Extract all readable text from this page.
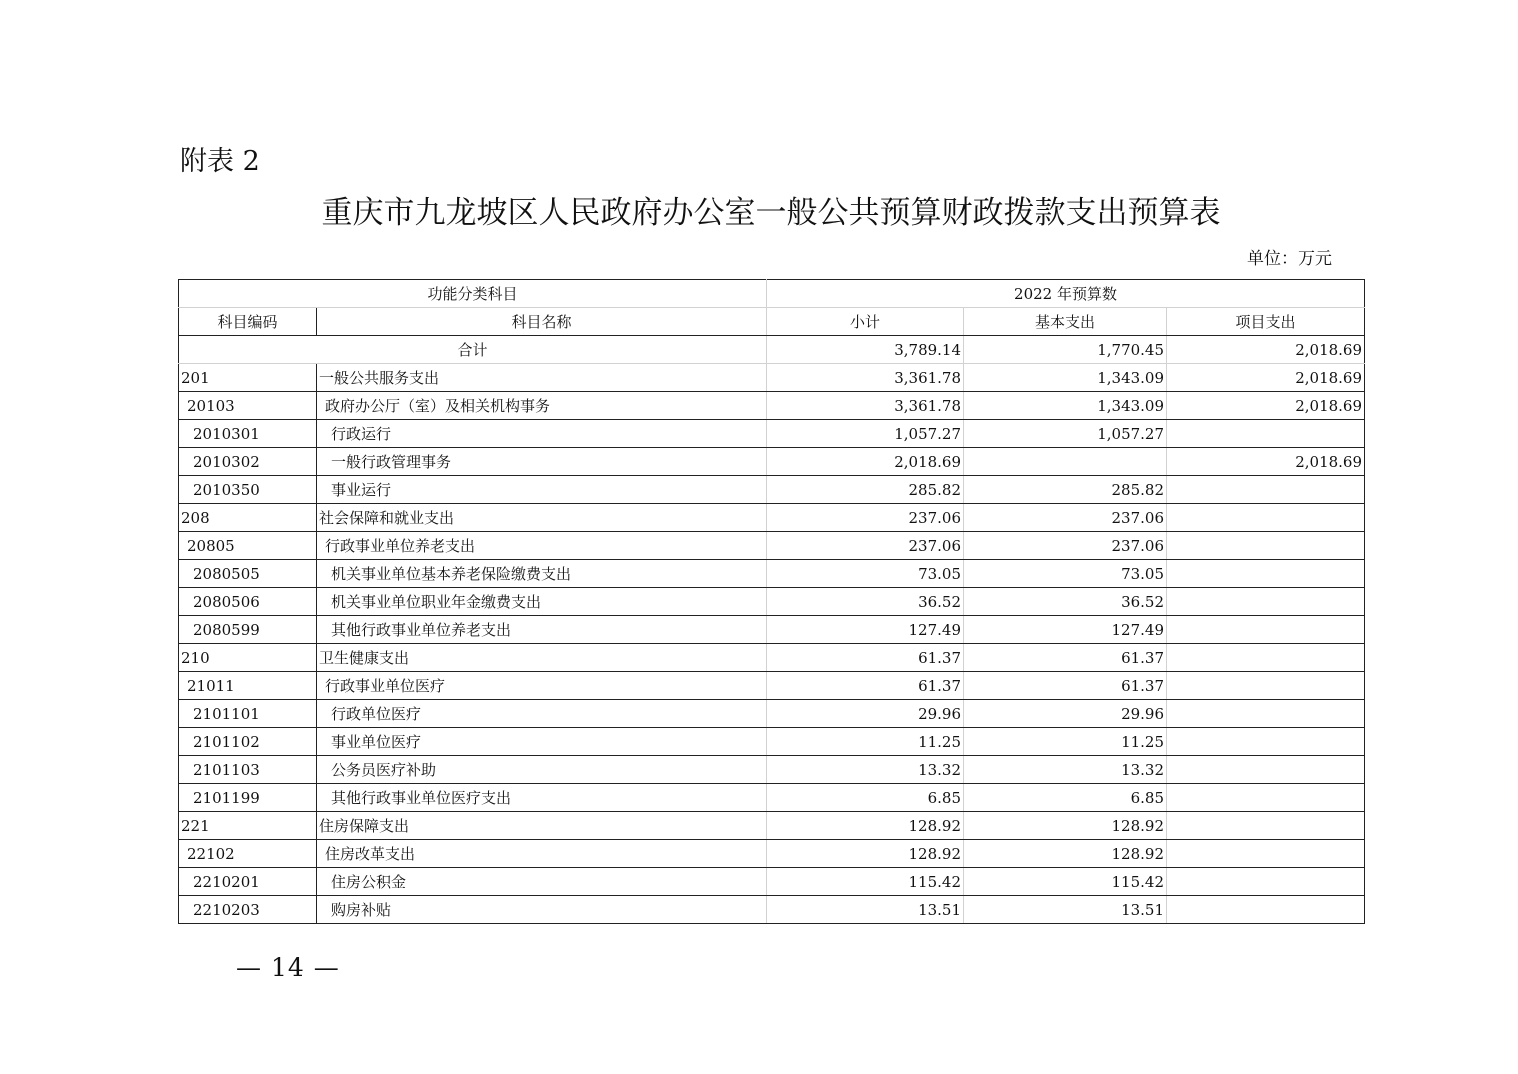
附表 2
重庆市九龙坡区人民政府办公室一般公共预算财政拨款支出预算表
单位：万元
功能分类科目		2022 年预算数		
科目编码	科目名称	小计	基本支出	项目支出
合计		3,789.14	1,770.45	2,018.69
201	一般公共服务支出	3,361.78	1,343.09	2,018.69
20103	政府办公厅（室）及相关机构事务	3,361.78	1,343.09	2,018.69
2010301	行政运行	1,057.27	1,057.27	
2010302	一般行政管理事务	2,018.69		2,018.69
2010350	事业运行	285.82	285.82	
208	社会保障和就业支出	237.06	237.06	
20805	行政事业单位养老支出	237.06	237.06	
2080505	机关事业单位基本养老保险缴费支出	73.05	73.05	
2080506	机关事业单位职业年金缴费支出	36.52	36.52	
2080599	其他行政事业单位养老支出	127.49	127.49	
210	卫生健康支出	61.37	61.37	
21011	行政事业单位医疗	61.37	61.37	
2101101	行政单位医疗	29.96	29.96	
2101102	事业单位医疗	11.25	11.25	
2101103	公务员医疗补助	13.32	13.32	
2101199	其他行政事业单位医疗支出	6.85	6.85	
221	住房保障支出	128.92	128.92	
22102	住房改革支出	128.92	128.92	
2210201	住房公积金	115.42	115.42	
2210203	购房补贴	13.51	13.51	
— 14 —
